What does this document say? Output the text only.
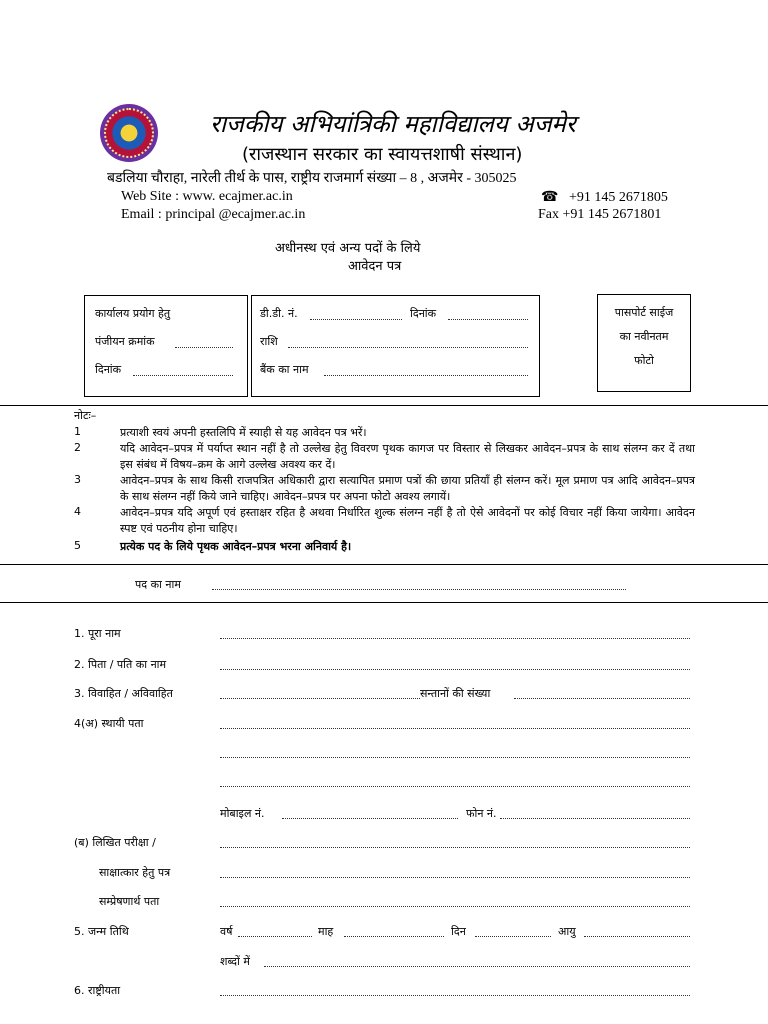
राजकीय अभियांत्रिकी महाविद्यालय अजमेर
(राजस्थान सरकार का स्वायत्तशाषी संस्थान)
बडलिया चौराहा, नारेली तीर्थ के पास, राष्ट्रीय राजमार्ग संख्या – 8 , अजमेर - 305025
Web Site : www. ecajmer.ac.in
Email : principal @ecajmer.ac.in
☎ +91 145 2671805
Fax +91 145 2671801
अधीनस्थ एवं अन्य पदों के लिये
आवेदन पत्र
कार्यालय प्रयोग हेतु
पंजीयन क्रमांक
दिनांक
डी.डी. नं.	दिनांक
राशि
बैंक का नाम
पासपोर्ट साईज
का नवीनतम
फोटो
नोटः–
1	प्रत्याशी स्वयं अपनी हस्तलिपि में स्याही से यह आवेदन पत्र भरें।
2	यदि आवेदन–प्रपत्र में पर्याप्त स्थान नहीं है तो उल्लेख हेतु विवरण पृथक कागज पर विस्तार से लिखकर आवेदन–प्रपत्र के साथ संलग्न कर दें तथा इस संबंध में विषय–क्रम के आगे उल्लेख अवश्य कर दें।
3	आवेदन–प्रपत्र के साथ किसी राजपत्रित अधिकारी द्वारा सत्यापित प्रमाण पत्रों की छाया प्रतियाँ ही संलग्न करें। मूल प्रमाण पत्र आदि आवेदन–प्रपत्र के साथ संलग्न नहीं किये जाने चाहिए। आवेदन–प्रपत्र पर अपना फोटो अवश्य लगायें।
4	आवेदन–प्रपत्र यदि अपूर्ण एवं हस्ताक्षर रहित है अथवा निर्धारित शुल्क संलग्न नहीं है तो ऐसे आवेदनों पर कोई विचार नहीं किया जायेगा। आवेदन स्पष्ट एवं पठनीय होना चाहिए।
5	प्रत्येक पद के लिये पृथक आवेदन–प्रपत्र भरना अनिवार्य है।
पद का नाम
1. पूरा नाम
2. पिता / पति का नाम
3. विवाहित / अविवाहित	सन्तानों की संख्या
4(अ) स्थायी पता
मोबाइल नं.	फोन नं.
(ब) लिखित परीक्षा /
साक्षात्कार हेतु पत्र
सम्प्रेषणार्थ पता
5. जन्म तिथि	वर्ष	माह	दिन	आयु
शब्दों में
6. राष्ट्रीयता
